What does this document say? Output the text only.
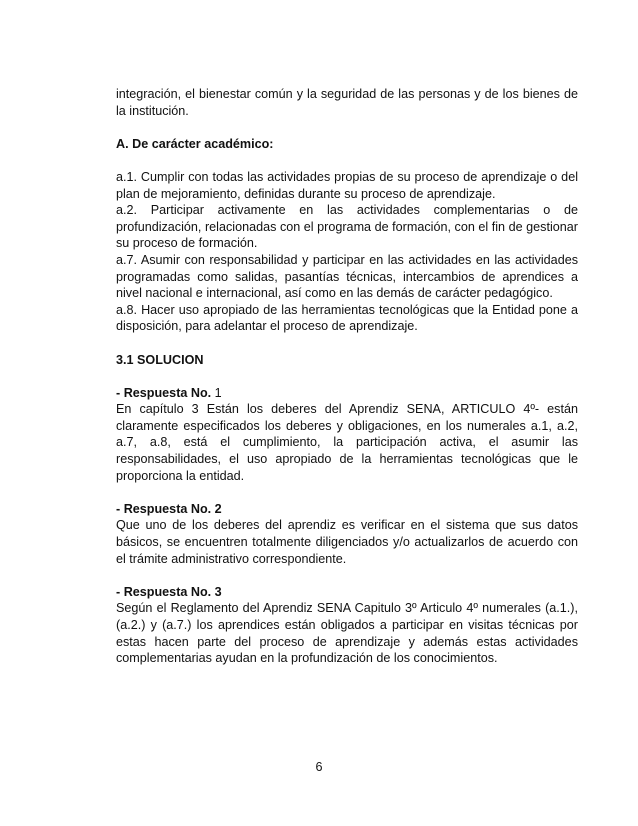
integración, el bienestar común y la seguridad de las personas y de los bienes de la institución.

A. De carácter académico:

a.1. Cumplir con todas las actividades propias de su proceso de aprendizaje o del plan de mejoramiento, definidas durante su proceso de aprendizaje.

a.2. Participar activamente en las actividades complementarias o de profundización, relacionadas con el programa de formación, con el fin de gestionar su proceso de formación.

a.7. Asumir con responsabilidad y participar en las actividades en las actividades programadas como salidas, pasantías técnicas, intercambios de aprendices a nivel nacional e internacional, así como en las demás de carácter pedagógico.

a.8. Hacer uso apropiado de las herramientas tecnológicas que la Entidad pone a disposición, para adelantar el proceso de aprendizaje.

3.1 SOLUCION

- Respuesta No. 1

En capítulo 3 Están los deberes del Aprendiz SENA, ARTICULO 4º- están claramente especificados los deberes y obligaciones, en los numerales a.1, a.2, a.7, a.8, está el cumplimiento, la participación activa, el asumir las responsabilidades, el uso apropiado de la herramientas tecnológicas que le proporciona la entidad.

- Respuesta No. 2

Que uno de los deberes del aprendiz es verificar en el sistema que sus datos básicos, se encuentren totalmente diligenciados y/o actualizarlos de acuerdo con el trámite administrativo correspondiente.

- Respuesta No. 3

Según el Reglamento del Aprendiz SENA Capitulo 3º Articulo 4º numerales (a.1.), (a.2.) y (a.7.) los aprendices están obligados a participar en visitas técnicas por estas hacen parte del proceso de aprendizaje y además estas actividades complementarias ayudan en la profundización de los conocimientos.

6
